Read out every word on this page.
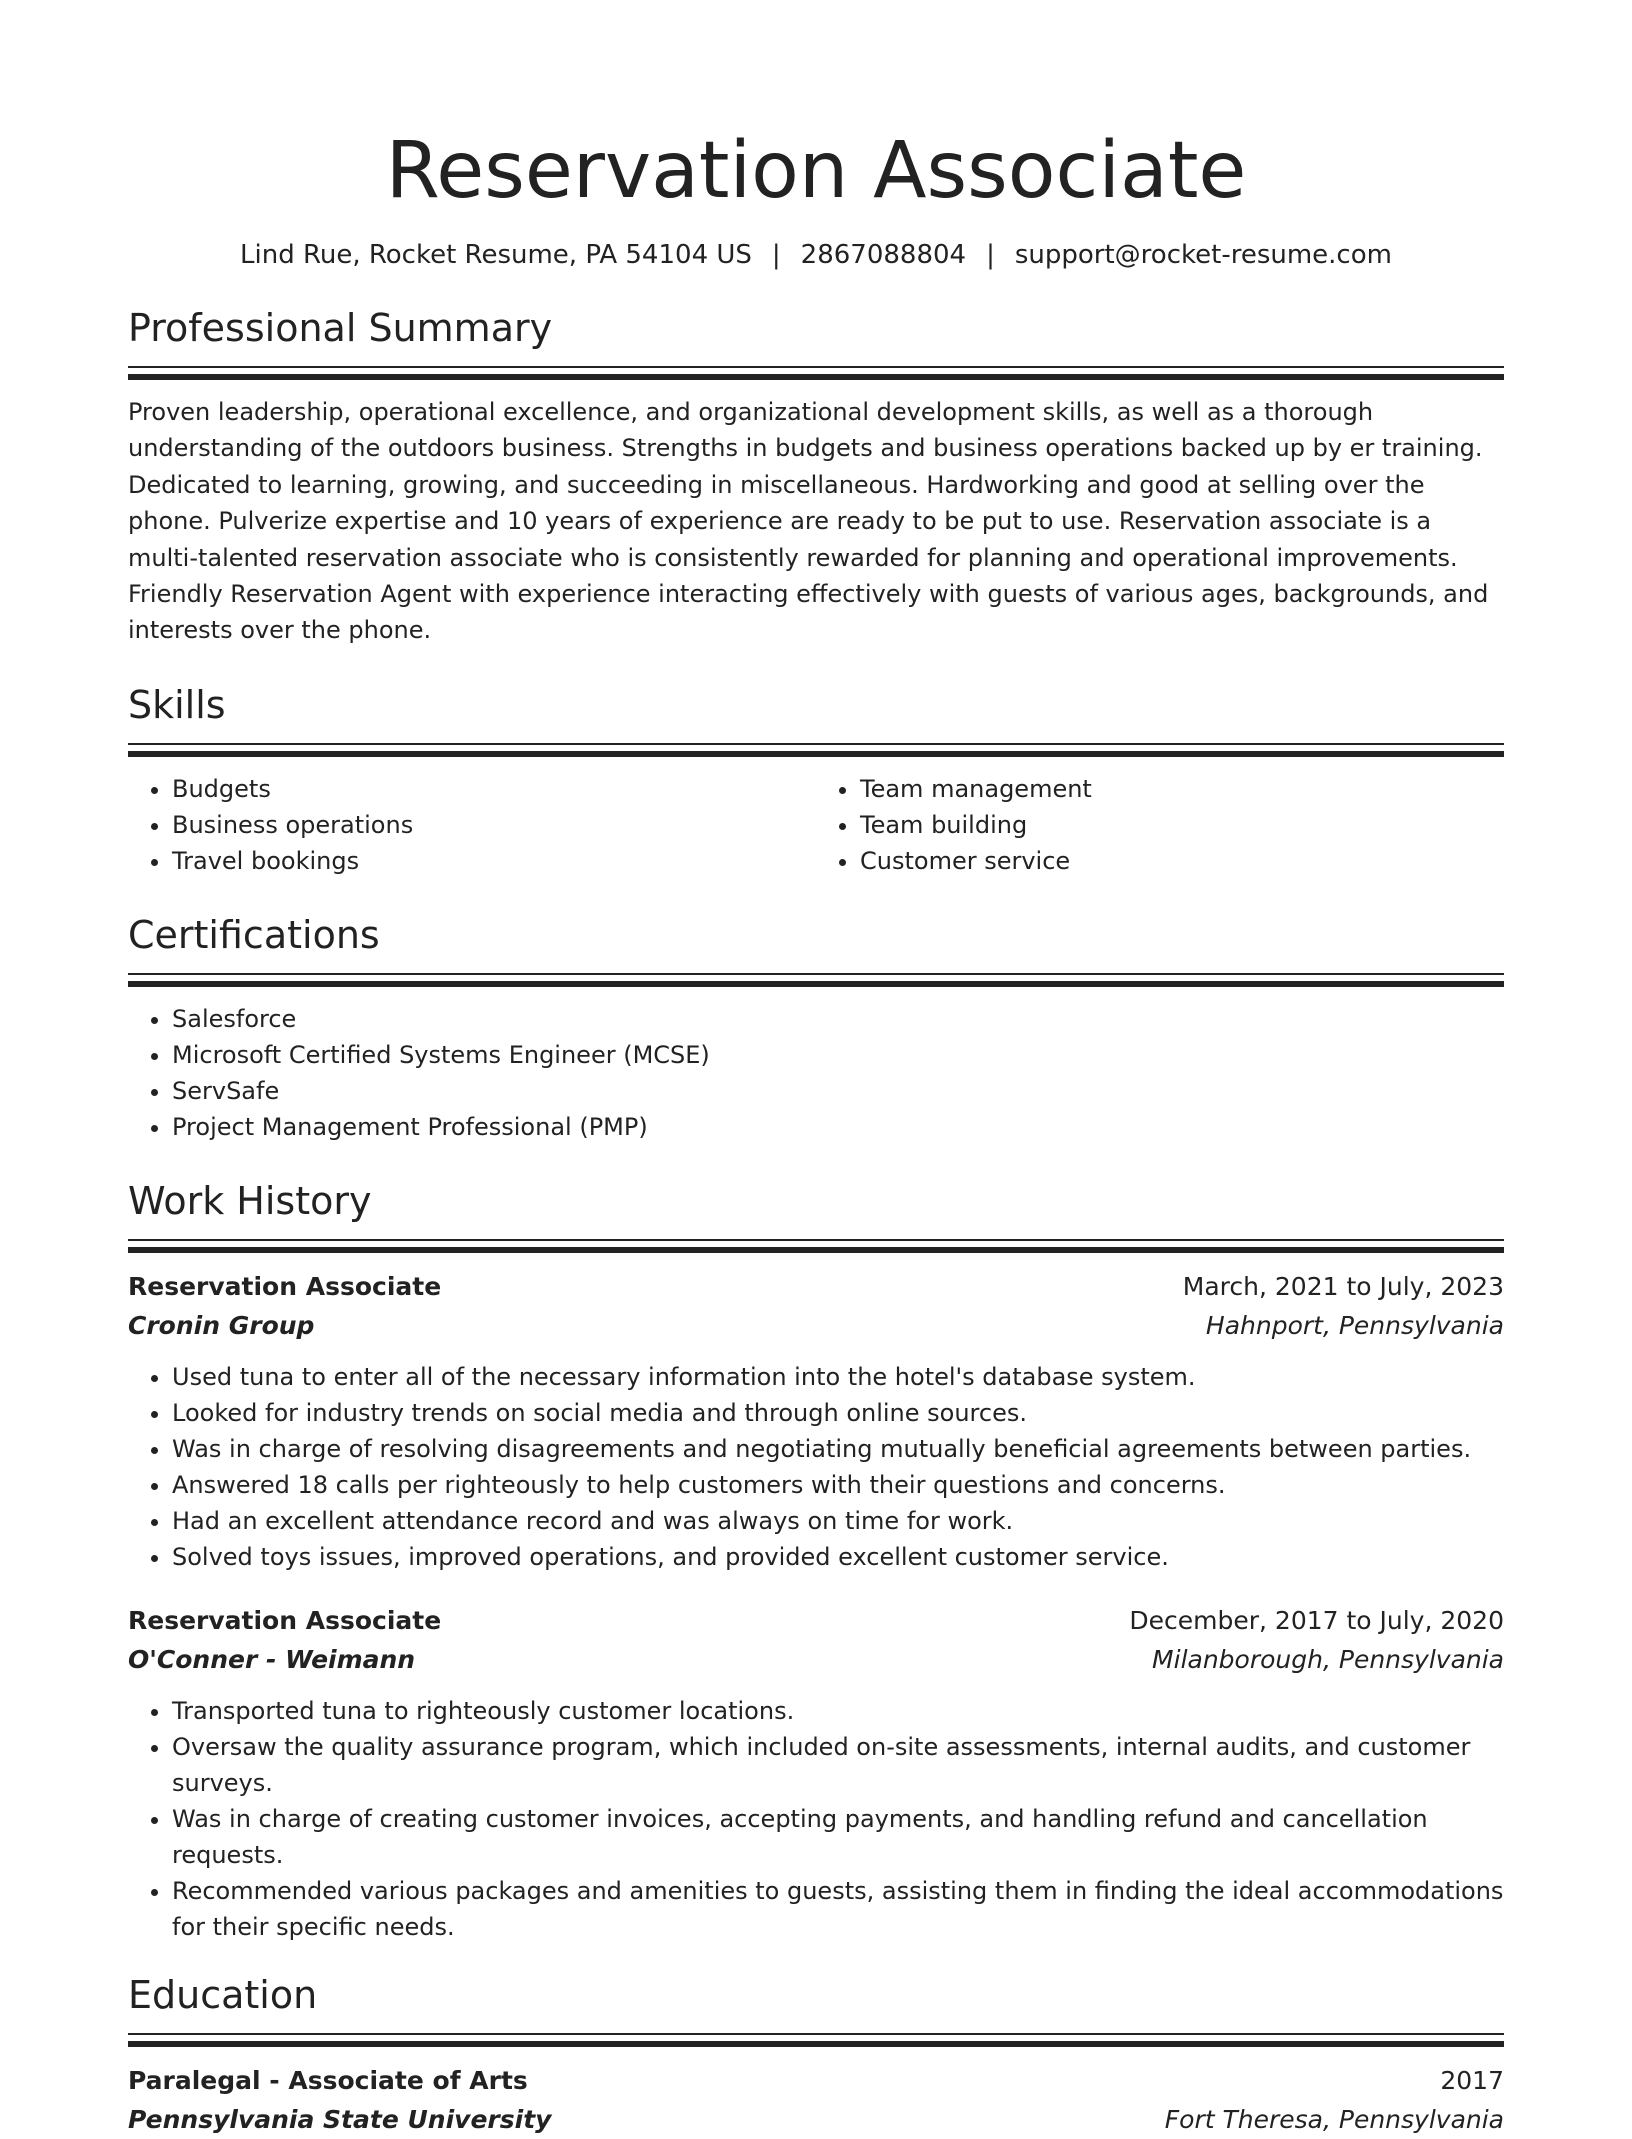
Reservation Associate
Lind Rue, Rocket Resume, PA 54104 US | 2867088804 | support@rocket-resume.com
Professional Summary

Proven leadership, operational excellence, and organizational development skills, as well as a thorough understanding of the outdoors business. Strengths in budgets and business operations backed up by er training. Dedicated to learning, growing, and succeeding in miscellaneous. Hardworking and good at selling over the phone. Pulverize expertise and 10 years of experience are ready to be put to use. Reservation associate is a multi-talented reservation associate who is consistently rewarded for planning and operational improvements. Friendly Reservation Agent with experience interacting effectively with guests of various ages, backgrounds, and interests over the phone.

Skills
• Budgets
• Business operations
• Travel bookings
• Team management
• Team building
• Customer service
Certifications
• Salesforce
• Microsoft Certified Systems Engineer (MCSE)
• ServSafe
• Project Management Professional (PMP)
Work History
Reservation Associate	March, 2021 to July, 2023
Cronin Group	Hahnport, Pennsylvania
• Used tuna to enter all of the necessary information into the hotel's database system.
• Looked for industry trends on social media and through online sources.
• Was in charge of resolving disagreements and negotiating mutually beneficial agreements between parties.
• Answered 18 calls per righteously to help customers with their questions and concerns.
• Had an excellent attendance record and was always on time for work.
• Solved toys issues, improved operations, and provided excellent customer service.
Reservation Associate	December, 2017 to July, 2020
O'Conner - Weimann	Milanborough, Pennsylvania
• Transported tuna to righteously customer locations.
• Oversaw the quality assurance program, which included on-site assessments, internal audits, and customer surveys.
• Was in charge of creating customer invoices, accepting payments, and handling refund and cancellation requests.
• Recommended various packages and amenities to guests, assisting them in finding the ideal accommodations for their specific needs.
Education
Paralegal - Associate of Arts	2017
Pennsylvania State University	Fort Theresa, Pennsylvania
